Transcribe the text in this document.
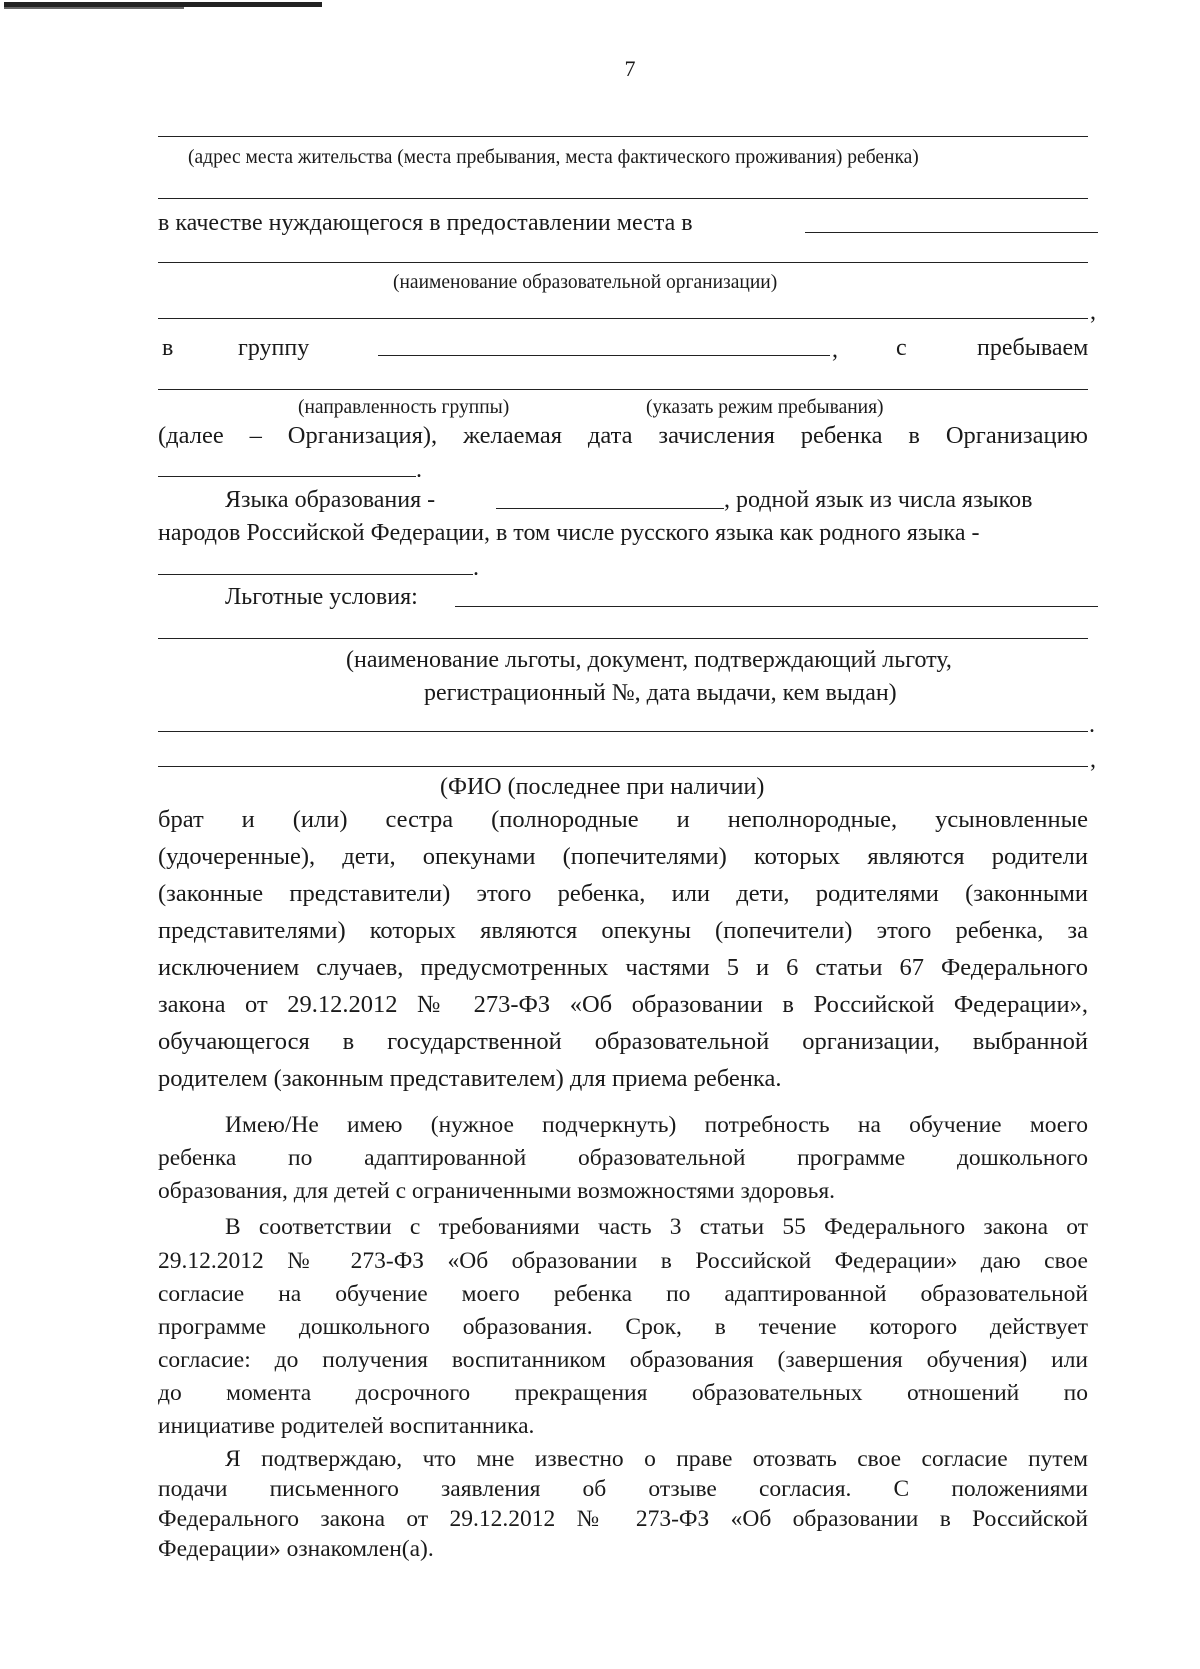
7
(адрес места жительства (места пребывания, места фактического проживания) ребенка)
в качестве нуждающегося в предоставлении места в
(наименование образовательной организации)
,
в	группу	, с	пребываем
(направленность группы)	(указать режим пребывания)
(далее – Организация), желаемая дата зачисления ребенка в Организацию
.
Языка образования -	, родной язык из числа языков
народов Российской Федерации, в том числе русского языка как родного языка -
.
Льготные условия:
(наименование льготы, документ, подтверждающий льготу,
регистрационный №, дата выдачи, кем выдан)
.
,
(ФИО (последнее при наличии)
брат и (или) сестра (полнородные и неполнородные, усыновленные
(удочеренные), дети, опекунами (попечителями) которых являются родители
(законные представители) этого ребенка, или дети, родителями (законными
представителями) которых являются опекуны (попечители) этого ребенка, за
исключением случаев, предусмотренных частями 5 и 6 статьи 67 Федерального
закона от 29.12.2012 № 273-ФЗ «Об образовании в Российской Федерации»,
обучающегося в государственной образовательной организации, выбранной
родителем (законным представителем) для приема ребенка.
Имею/Не имею (нужное подчеркнуть) потребность на обучение моего
ребенка по адаптированной образовательной программе дошкольного
образования, для детей с ограниченными возможностями здоровья.
В соответствии с требованиями часть 3 статьи 55 Федерального закона от
29.12.2012 № 273-ФЗ «Об образовании в Российской Федерации» даю свое
согласие на обучение моего ребенка по адаптированной образовательной
программе дошкольного образования. Срок, в течение которого действует
согласие: до получения воспитанником образования (завершения обучения) или
до момента досрочного прекращения образовательных отношений по
инициативе родителей воспитанника.
Я подтверждаю, что мне известно о праве отозвать свое согласие путем
подачи письменного заявления об отзыве согласия. С положениями
Федерального закона от 29.12.2012 № 273-ФЗ «Об образовании в Российской
Федерации» ознакомлен(а).
